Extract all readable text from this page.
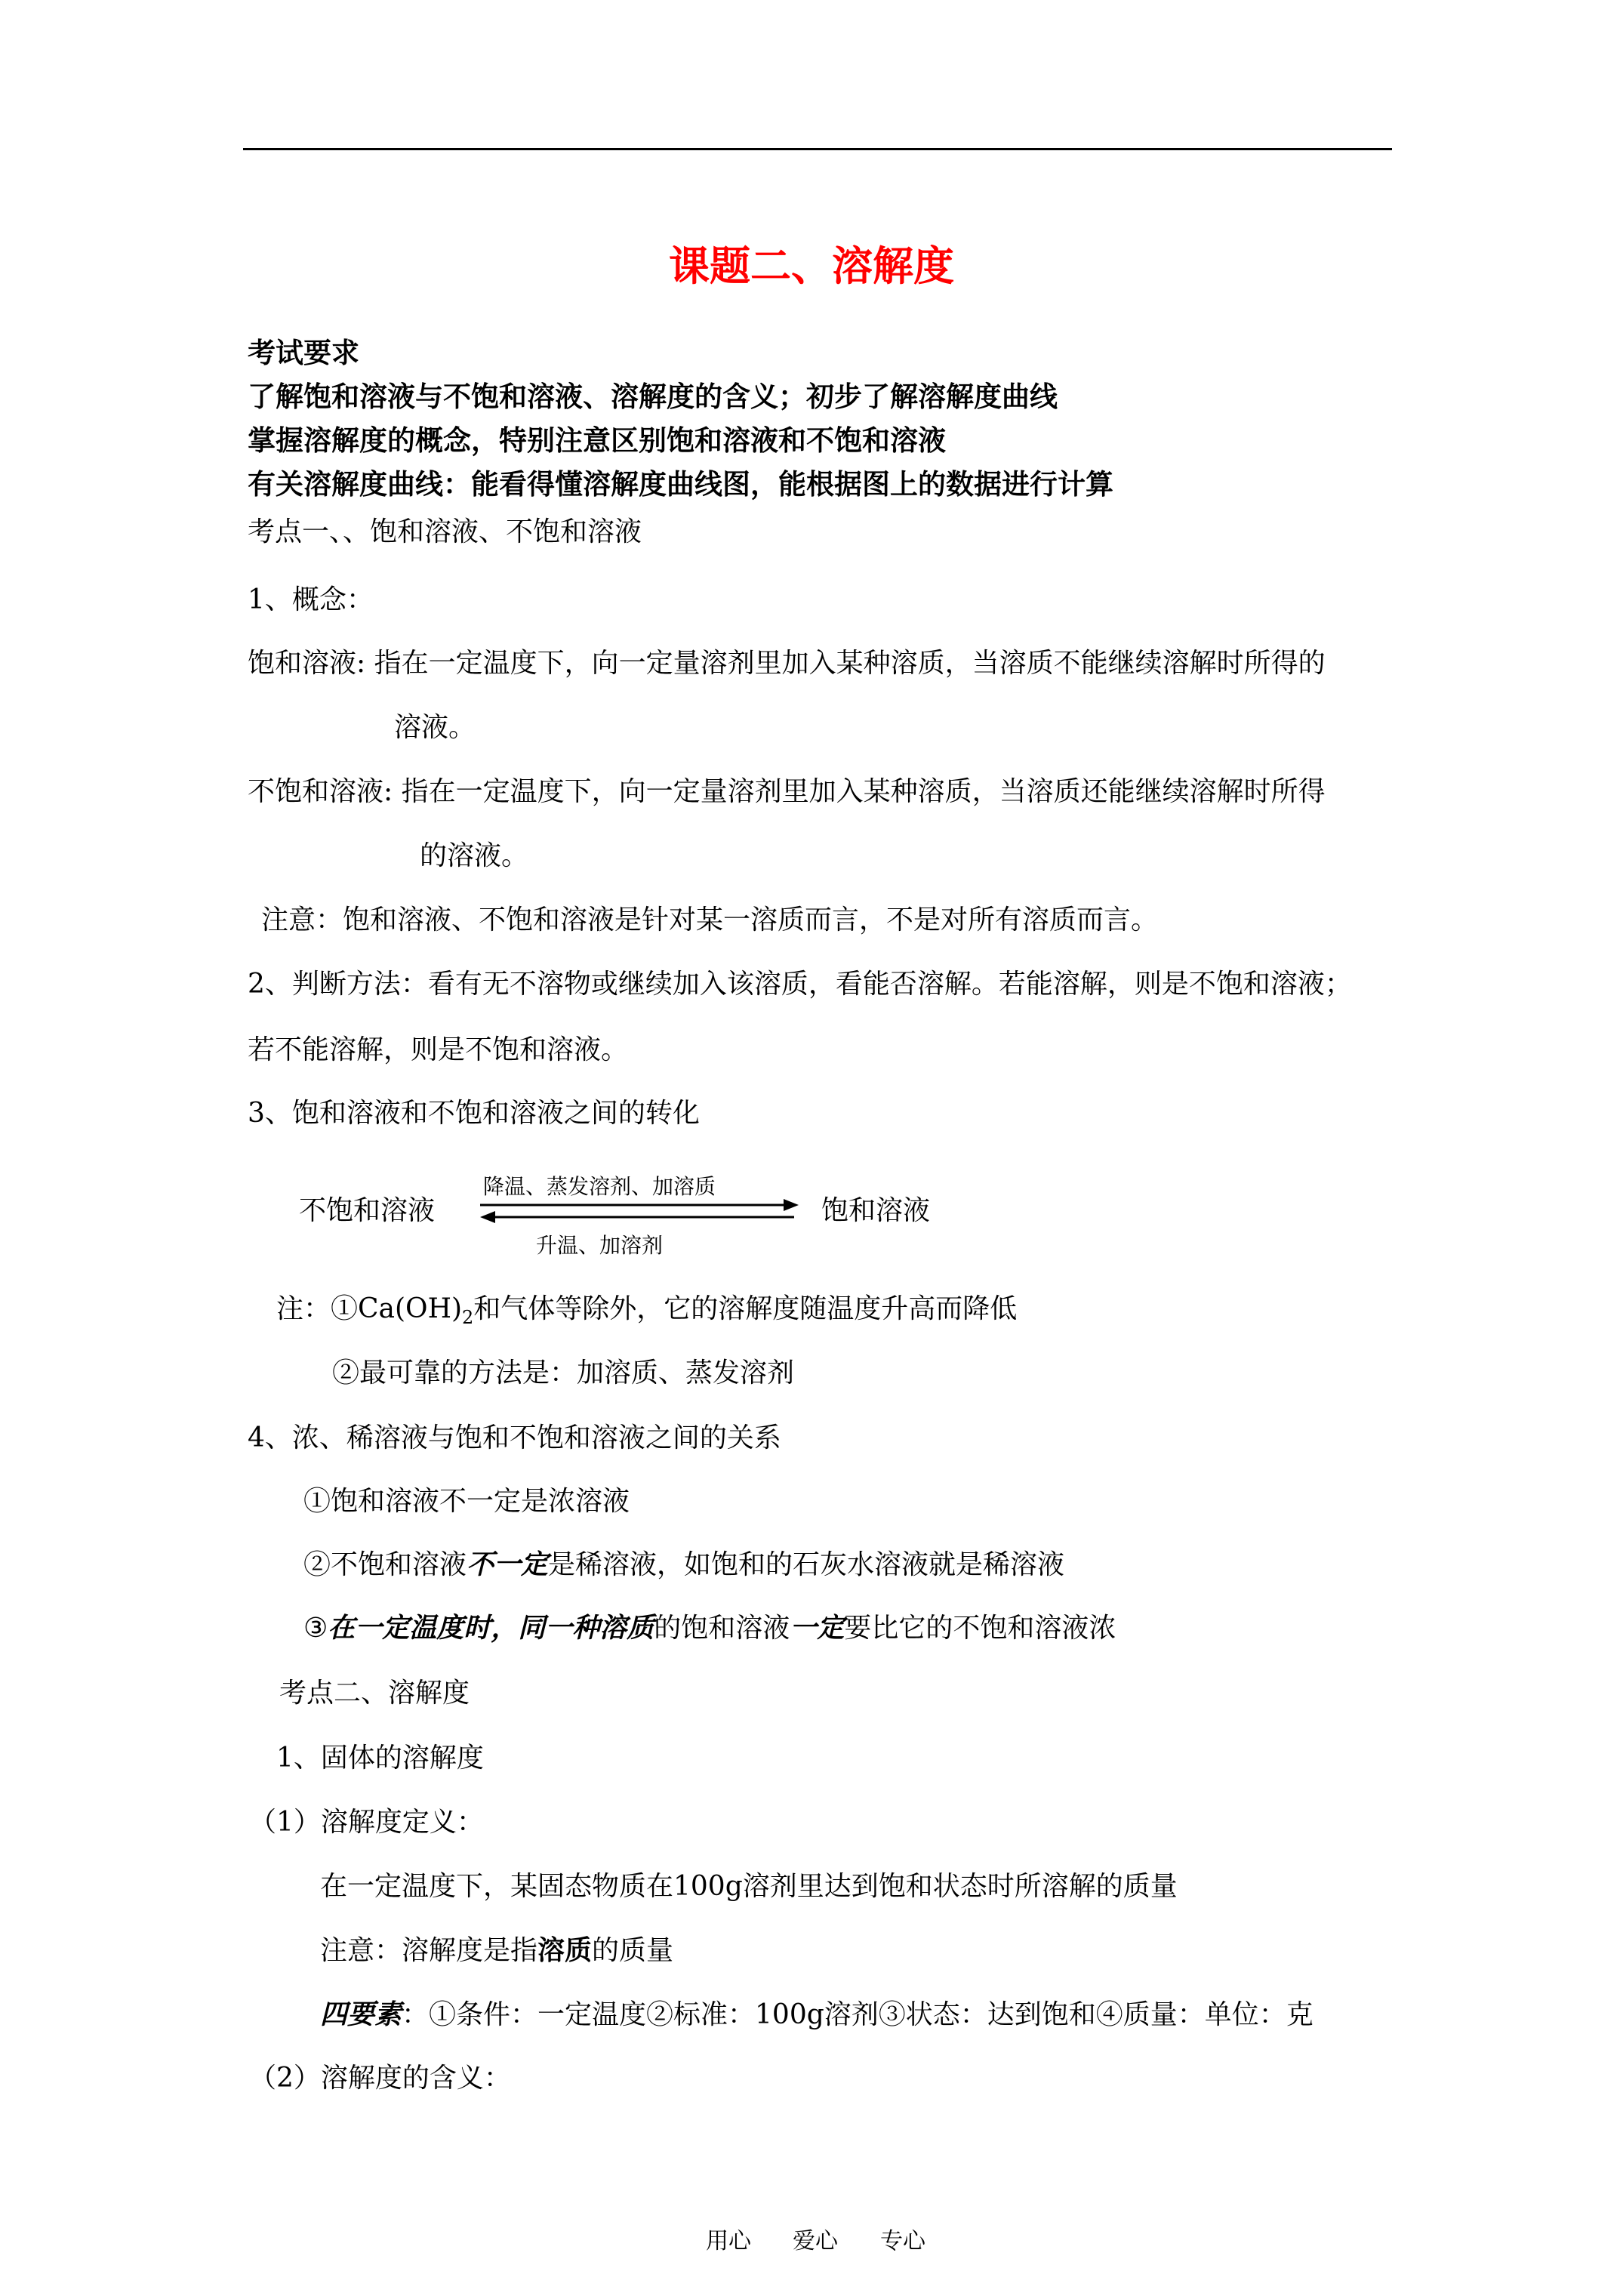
课题二、溶解度
考试要求
了解饱和溶液与不饱和溶液、溶解度的含义；初步了解溶解度曲线
掌握溶解度的概念，特别注意区别饱和溶液和不饱和溶液
有关溶解度曲线：能看得懂溶解度曲线图，能根据图上的数据进行计算
考点一、、饱和溶液、不饱和溶液
1、概念：
饱和溶液: 指在一定温度下，向一定量溶剂里加入某种溶质，当溶质不能继续溶解时所得的
溶液。
不饱和溶液: 指在一定温度下，向一定量溶剂里加入某种溶质，当溶质还能继续溶解时所得
的溶液。
注意：饱和溶液、不饱和溶液是针对某一溶质而言，不是对所有溶质而言。
2、判断方法：看有无不溶物或继续加入该溶质，看能否溶解。若能溶解，则是不饱和溶液；
若不能溶解，则是不饱和溶液。
3、饱和溶液和不饱和溶液之间的转化
不饱和溶液	饱和溶液
降温、蒸发溶剂、加溶质
升温、加溶剂
注：$①Ca(OH)_2$和气体等除外，它的溶解度随温度升高而降低
②最可靠的方法是：加溶质、蒸发溶剂
4、浓、稀溶液与饱和不饱和溶液之间的关系
①饱和溶液不一定是浓溶液
②不饱和溶液不一定是稀溶液，如饱和的石灰水溶液就是稀溶液
③在一定温度时，同一种溶质的饱和溶液一定要比它的不饱和溶液浓
考点二、溶解度
1、固体的溶解度
（1）溶解度定义：
在一定温度下，某固态物质在100g溶剂里达到饱和状态时所溶解的质量
注意：溶解度是指溶质的质量
四要素：①条件：一定温度②标准：100g溶剂③状态：达到饱和④质量：单位：克
（2）溶解度的含义：
用心 爱心 专心
